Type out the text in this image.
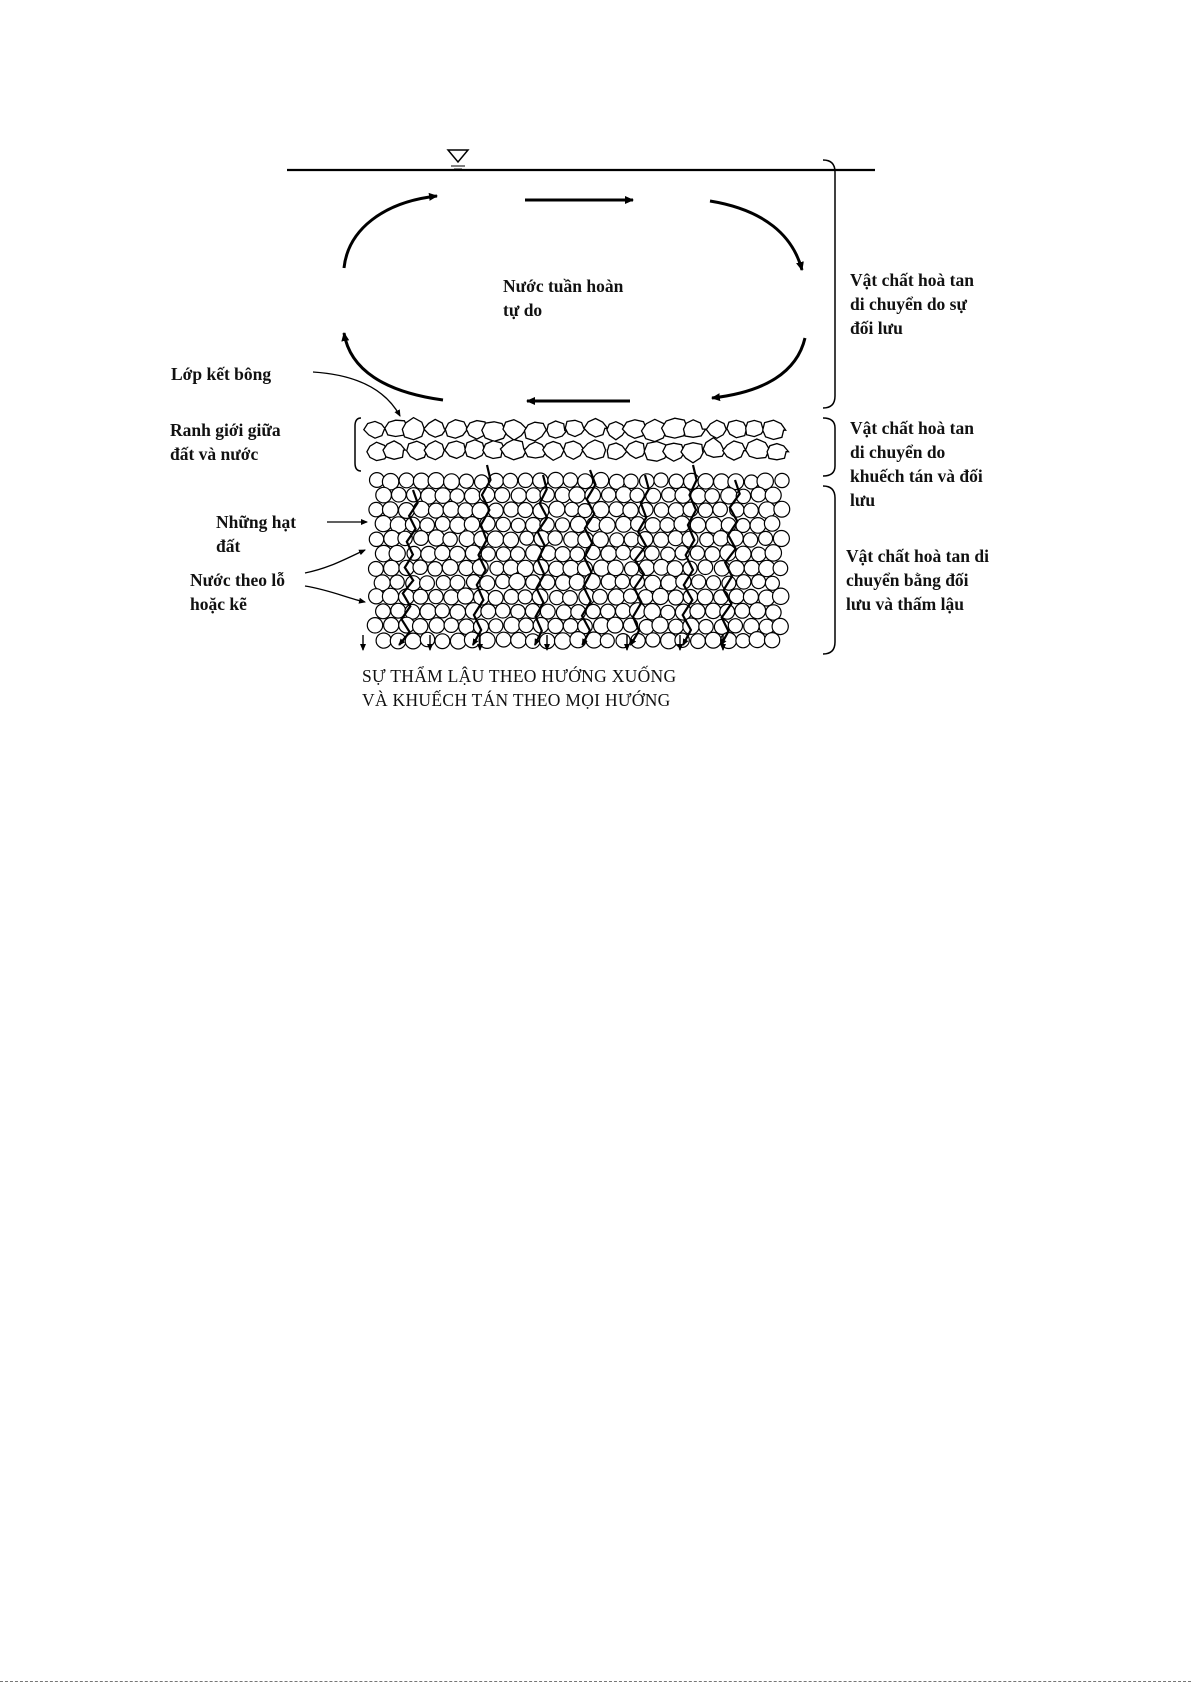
Nước tuần hoàn
tự do
Lớp kết bông
Ranh giới giữa
đất và nước
Những hạt
đất
Nước theo lỗ
hoặc kẽ
Vật chất hoà tan
di chuyển do sự
đối lưu
Vật chất hoà tan
di chuyển do
khuếch tán và đối
lưu
Vật chất hoà tan di
chuyển bằng đối
lưu và thấm lậu
SỰ THẨM LẬU THEO HƯỚNG XUỐNG
VÀ KHUẾCH TÁN THEO MỌI HƯỚNG
